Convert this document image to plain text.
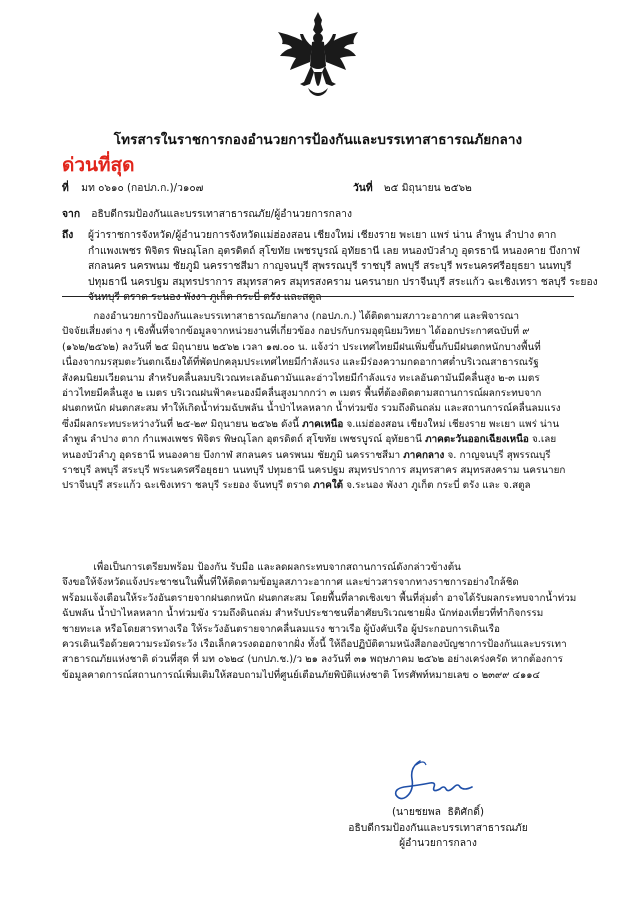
โทรสารในราชการกองอำนวยการป้องกันและบรรเทาสาธารณภัยกลาง
ด่วนที่สุด
ที่ มท ๐๖๑๐ (กอปภ.ก.)/ว๑๐๗	วันที่ ๒๕ มิถุนายน ๒๕๖๒
จาก อธิบดีกรมป้องกันและบรรเทาสาธารณภัย/ผู้อำนวยการกลาง
ถึง	ผู้ว่าราชการจังหวัด/ผู้อำนวยการจังหวัดแม่ฮ่องสอน เชียงใหม่ เชียงราย พะเยา แพร่ น่าน ลำพูน ลำปาง ตาก
กำแพงเพชร พิจิตร พิษณุโลก อุตรดิตถ์ สุโขทัย เพชรบูรณ์ อุทัยธานี เลย หนองบัวลำภู อุดรธานี หนองคาย บึงกาฬ
สกลนคร นครพนม ชัยภูมิ นครราชสีมา กาญจนบุรี สุพรรณบุรี ราชบุรี ลพบุรี สระบุรี พระนครศรีอยุธยา นนทบุรี
ปทุมธานี นครปฐม สมุทรปราการ สมุทรสาคร สมุทรสงคราม นครนายก ปราจีนบุรี สระแก้ว ฉะเชิงเทรา ชลบุรี ระยอง
จันทบุรี ตราด ระนอง พังงา ภูเก็ต กระบี่ ตรัง และสตูล
กองอำนวยการป้องกันและบรรเทาสาธารณภัยกลาง (กอปภ.ก.) ได้ติดตามสภาวะอากาศ และพิจารณา
ปัจจัยเสี่ยงต่าง ๆ เชิงพื้นที่จากข้อมูลจากหน่วยงานที่เกี่ยวข้อง กอปรกับกรมอุตุนิยมวิทยา ได้ออกประกาศฉบับที่ ๙
(๑๖๒/๒๕๖๒) ลงวันที่ ๒๕ มิถุนายน ๒๕๖๒ เวลา ๑๗.๐๐ น. แจ้งว่า ประเทศไทยมีฝนเพิ่มขึ้นกับมีฝนตกหนักบางพื้นที่
เนื่องจากมรสุมตะวันตกเฉียงใต้ที่พัดปกคลุมประเทศไทยมีกำลังแรง และมีร่องความกดอากาศต่ำบริเวณสาธารณรัฐ
สังคมนิยมเวียดนาม สำหรับคลื่นลมบริเวณทะเลอันดามันและอ่าวไทยมีกำลังแรง ทะเลอันดามันมีคลื่นสูง ๒-๓ เมตร
อ่าวไทยมีคลื่นสูง ๒ เมตร บริเวณฝนฟ้าคะนองมีคลื่นสูงมากกว่า ๓ เมตร พื้นที่ต้องติดตามสถานการณ์ผลกระทบจาก
ฝนตกหนัก ฝนตกสะสม ทำให้เกิดน้ำท่วมฉับพลัน น้ำป่าไหลหลาก น้ำท่วมขัง รวมถึงดินถล่ม และสถานการณ์คลื่นลมแรง
ซึ่งมีผลกระทบระหว่างวันที่ ๒๕-๒๙ มิถุนายน ๒๕๖๒ ดังนี้ ภาคเหนือ จ.แม่ฮ่องสอน เชียงใหม่ เชียงราย พะเยา แพร่ น่าน
ลำพูน ลำปาง ตาก กำแพงเพชร พิจิตร พิษณุโลก อุตรดิตถ์ สุโขทัย เพชรบูรณ์ อุทัยธานี ภาคตะวันออกเฉียงเหนือ จ.เลย
หนองบัวลำภู อุดรธานี หนองคาย บึงกาฬ สกลนคร นครพนม ชัยภูมิ นครราชสีมา ภาคกลาง จ. กาญจนบุรี สุพรรณบุรี
ราชบุรี ลพบุรี สระบุรี พระนครศรีอยุธยา นนทบุรี ปทุมธานี นครปฐม สมุทรปราการ สมุทรสาคร สมุทรสงคราม นครนายก
ปราจีนบุรี สระแก้ว ฉะเชิงเทรา ชลบุรี ระยอง จันทบุรี ตราด ภาคใต้ จ.ระนอง พังงา ภูเก็ต กระบี่ ตรัง และ จ.สตูล
เพื่อเป็นการเตรียมพร้อม ป้องกัน รับมือ และลดผลกระทบจากสถานการณ์ดังกล่าวข้างต้น
จึงขอให้จังหวัดแจ้งประชาชนในพื้นที่ให้ติดตามข้อมูลสภาวะอากาศ และข่าวสารจากทางราชการอย่างใกล้ชิด
พร้อมแจ้งเตือนให้ระวังอันตรายจากฝนตกหนัก ฝนตกสะสม โดยพื้นที่ลาดเชิงเขา พื้นที่ลุ่มต่ำ อาจได้รับผลกระทบจากน้ำท่วม
ฉับพลัน น้ำป่าไหลหลาก น้ำท่วมขัง รวมถึงดินถล่ม สำหรับประชาชนที่อาศัยบริเวณชายฝั่ง นักท่องเที่ยวที่ทำกิจกรรม
ชายทะเล หรือโดยสารทางเรือ ให้ระวังอันตรายจากคลื่นลมแรง ชาวเรือ ผู้บังคับเรือ ผู้ประกอบการเดินเรือ
ควรเดินเรือด้วยความระมัดระวัง เรือเล็กควรงดออกจากฝั่ง ทั้งนี้ ให้ถือปฏิบัติตามหนังสือกองบัญชาการป้องกันและบรรเทา
สาธารณภัยแห่งชาติ ด่วนที่สุด ที่ มท ๐๖๒๔ (บกปภ.ช.)/ว ๒๑ ลงวันที่ ๓๑ พฤษภาคม ๒๕๖๒ อย่างเคร่งครัด หากต้องการ
ข้อมูลคาดการณ์สถานการณ์เพิ่มเติมให้สอบถามไปที่ศูนย์เตือนภัยพิบัติแห่งชาติ โทรศัพท์หมายเลข ๐ ๒๓๙๙ ๔๑๑๔
(นายชยพล  ธิติศักดิ์)
อธิบดีกรมป้องกันและบรรเทาสาธารณภัย
ผู้อำนวยการกลาง
